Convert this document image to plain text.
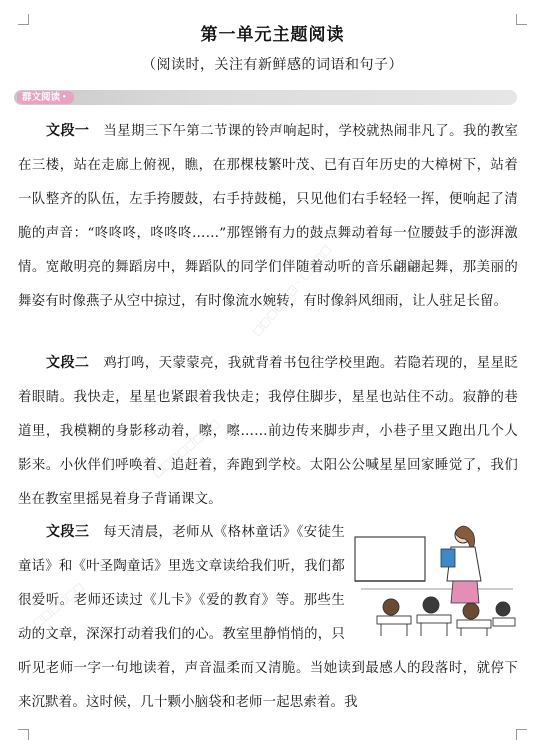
第一单元主题阅读
（阅读时，关注有新鲜感的词语和句子）
群文阅读 •

文段一 当星期三下午第二节课的铃声响起时，学校就热闹非凡了。我的教室在三楼，站在走廊上俯视，瞧，在那棵枝繁叶茂、已有百年历史的大樟树下，站着一队整齐的队伍，左手挎腰鼓，右手持鼓槌，只见他们右手轻轻一挥，便响起了清脆的声音：“咚咚咚，咚咚咚……”那铿锵有力的鼓点舞动着每一位腰鼓手的澎湃激情。宽敞明亮的舞蹈房中，舞蹈队的同学们伴随着动听的音乐翩翩起舞，那美丽的舞姿有时像燕子从空中掠过，有时像流水婉转，有时像斜风细雨，让人驻足长留。

文段二 鸡打鸣，天蒙蒙亮，我就背着书包往学校里跑。若隐若现的，星星眨着眼睛。我快走，星星也紧跟着我快走；我停住脚步，星星也站住不动。寂静的巷道里，我模糊的身影移动着，嚓，嚓……前边传来脚步声，小巷子里又跑出几个人影来。小伙伴们呼唤着、追赶着，奔跑到学校。太阳公公喊星星回家睡觉了，我们坐在教室里摇晃着身子背诵课文。

文段三 每天清晨，老师从《格林童话》《安徒生童话》和《叶圣陶童话》里选文章读给我们听，我们都很爱听。老师还读过《儿卡》《爱的教育》等。那些生动的文章，深深打动着我们的心。教室里静悄悄的，只听见老师一字一句地读着，声音温柔而又清脆。当她读到最感人的段落时，就停下来沉默着。这时候，几十颗小脑袋和老师一起思索着。我
□□□□□□ · □□□□
□□□□□□□□
□□□□□□
